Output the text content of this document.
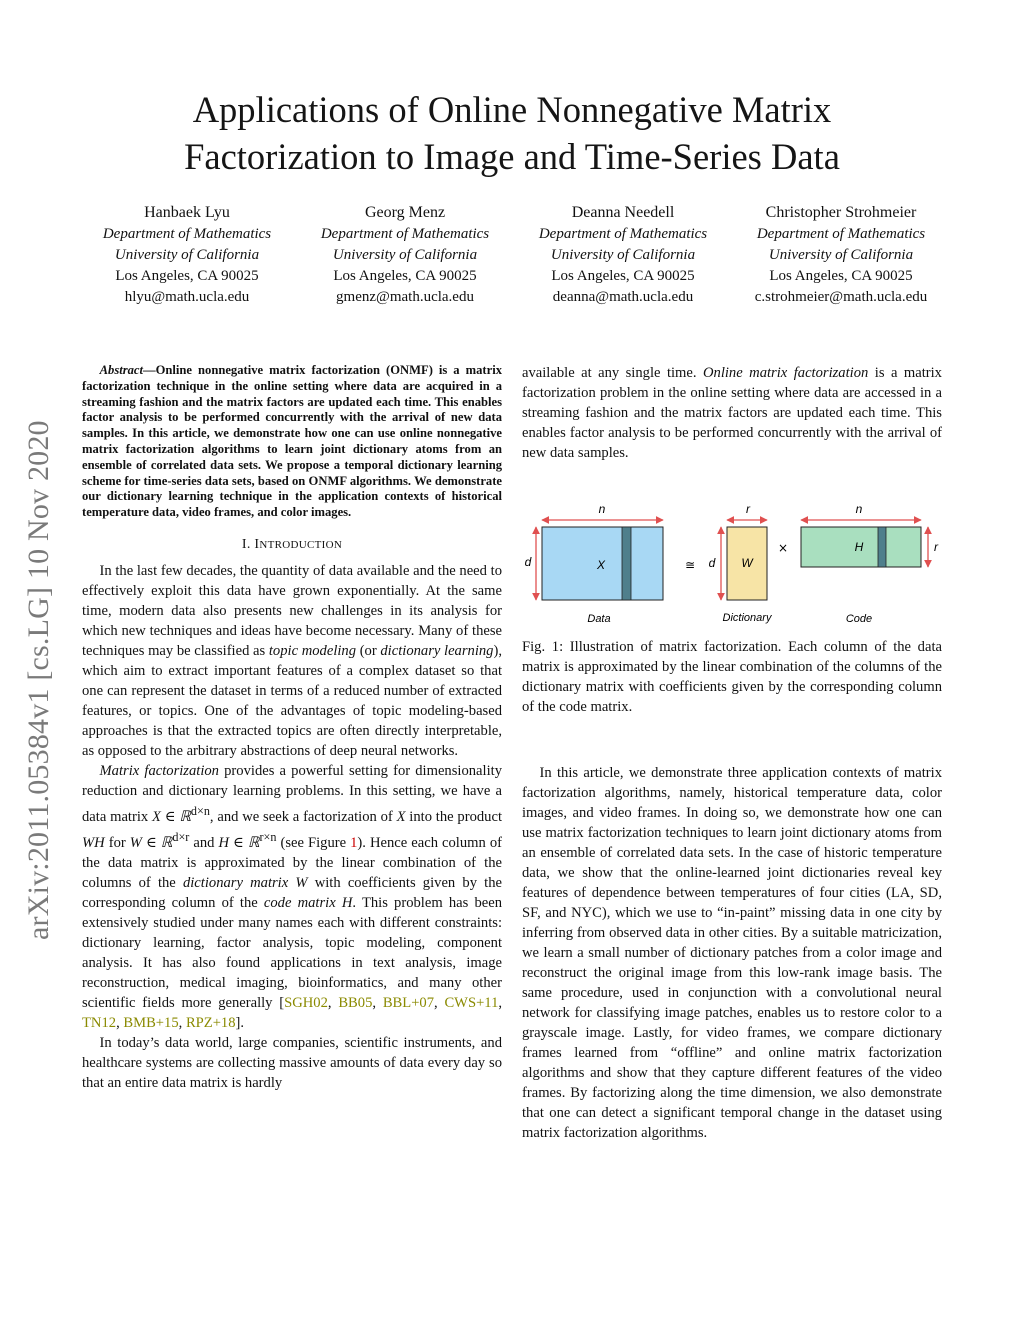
Applications of Online Nonnegative Matrix
Factorization to Image and Time-Series Data
Hanbaek Lyu
Department of Mathematics
University of California
Los Angeles, CA 90025
hlyu@math.ucla.edu
Georg Menz
Department of Mathematics
University of California
Los Angeles, CA 90025
gmenz@math.ucla.edu
Deanna Needell
Department of Mathematics
University of California
Los Angeles, CA 90025
deanna@math.ucla.edu
Christopher Strohmeier
Department of Mathematics
University of California
Los Angeles, CA 90025
c.strohmeier@math.ucla.edu
arXiv:2011.05384v1 [cs.LG] 10 Nov 2020

Abstract—Online nonnegative matrix factorization (ONMF) is a matrix factorization technique in the online setting where data are acquired in a streaming fashion and the matrix factors are updated each time. This enables factor analysis to be performed concurrently with the arrival of new data samples. In this article, we demonstrate how one can use online nonnegative matrix factorization algorithms to learn joint dictionary atoms from an ensemble of correlated data sets. We propose a temporal dictionary learning scheme for time-series data sets, based on ONMF algorithms. We demonstrate our dictionary learning technique in the application contexts of historical temperature data, video frames, and color images.

I. INTRODUCTION

In the last few decades, the quantity of data available and the need to effectively exploit this data have grown exponentially. At the same time, modern data also presents new challenges in its analysis for which new techniques and ideas have become necessary. Many of these techniques may be classified as topic modeling (or dictionary learning), which aim to extract important features of a complex dataset so that one can represent the dataset in terms of a reduced number of extracted features, or topics. One of the advantages of topic modeling-based approaches is that the extracted topics are often directly interpretable, as opposed to the arbitrary abstractions of deep neural networks.

Matrix factorization provides a powerful setting for dimensionality reduction and dictionary learning problems. In this setting, we have a data matrix X ∈ ℝ$^{d\times n}$, and we seek a factorization of X into the product WH for W ∈ ℝ$^{d\times r}$ and H ∈ ℝ$^{r\times n}$ (see Figure 1). Hence each column of the data matrix is approximated by the linear combination of the columns of the dictionary matrix W with coefficients given by the corresponding column of the code matrix H. This problem has been extensively studied under many names each with different constraints: dictionary learning, factor analysis, topic modeling, component analysis. It has also found applications in text analysis, image reconstruction, medical imaging, bioinformatics, and many other scientific fields more generally [SGH02, BB05, BBL+07, CWS+11, TN12, BMB+15, RPZ+18].

In today’s data world, large companies, scientific instruments, and healthcare systems are collecting massive amounts of data every day so that an entire data matrix is hardly

available at any single time. Online matrix factorization is a matrix factorization problem in the online setting where data are accessed in a streaming fashion and the matrix factors are updated each time. This enables factor analysis to be performed concurrently with the arrival of new data samples.

n
X
d
Data
≅ d
r
W
Dictionary
×
n
H	r
Code
Fig. 1: Illustration of matrix factorization. Each column of the data matrix is approximated by the linear combination of the columns of the dictionary matrix with coefficients given by the corresponding column of the code matrix.

In this article, we demonstrate three application contexts of matrix factorization algorithms, namely, historical temperature data, color images, and video frames. In doing so, we demonstrate how one can use matrix factorization techniques to learn joint dictionary atoms from an ensemble of correlated data sets. In the case of historic temperature data, we show that the online-learned joint dictionaries reveal key features of dependence between temperatures of four cities (LA, SD, SF, and NYC), which we use to “in-paint” missing data in one city by inferring from observed data in other cities. By a suitable matricization, we learn a small number of dictionary patches from a color image and reconstruct the original image from this low-rank image basis. The same procedure, used in conjunction with a convolutional neural network for classifying image patches, enables us to restore color to a grayscale image. Lastly, for video frames, we compare dictionary frames learned from “offline” and online matrix factorization algorithms and show that they capture different features of the video frames. By factorizing along the time dimension, we also demonstrate that one can detect a significant temporal change in the dataset using matrix factorization algorithms.
